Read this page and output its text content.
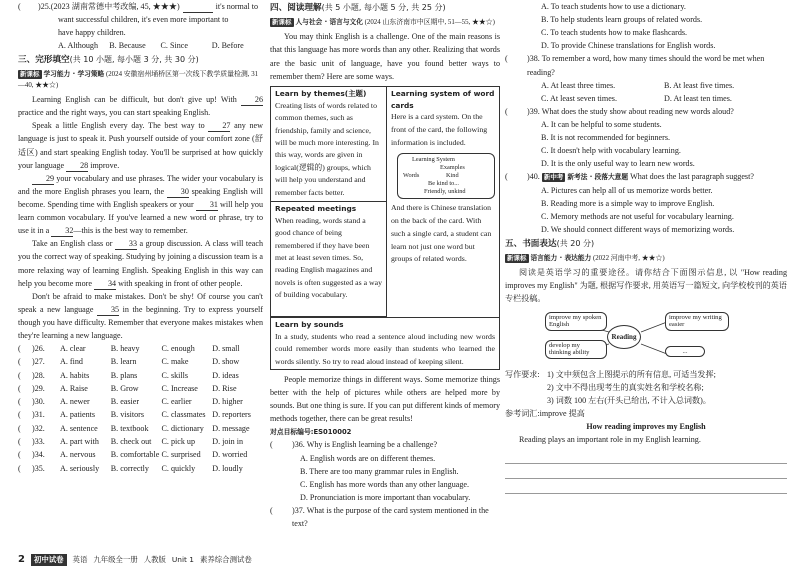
(	)25.(2023 湖南常德中考改编, 45, ★★★)
	it's normal to

want successful children, it's even more important to

have happy children.

A. Although	B. Because	C. Since	D. Before
三、完形填空(共 10 小题, 每小题 3 分, 共 30 分)
新课标 学习能力 · 学习策略 (2024 安徽宿州埇桥区第一次线下教学质量检测, 31—40, ★★☆)

Learning English can be difficult, but don't give up! With 26 practice and the right ways, you can start speaking English.

Speak a little English every day. The best way to 27 any new language is just to speak it. Push yourself outside of your comfort zone (舒适区) and start speaking English today. You'll be surprised at how quickly your language 28 improve.

29 your vocabulary and use phrases. The wider your vocabulary is and the more English phrases you learn, the 30 speaking English will become. Spending time with English speakers or your 31 will help you learn common vocabulary. If you've learned a new word or phrase, try to use it in a 32—this is the best way to remember.

Take an English class or 33 a group discussion. A class will teach you the correct way of speaking. Studying by joining a discussion team is a more relaxing way of learning English. Speaking English in this way can help you become more 34 with speaking in front of other people.

Don't be afraid to make mistakes. Don't be shy! Of course you can't speak a new language 35 in the beginning. Try to express yourself though you have difficulty. Remember that everyone makes mistakes when they're learning a new language.

(	)26.	A. clear	B. heavy	C. enough	D. small
(	)27.	A. find	B. learn	C. make	D. show
(	)28.	A. habits	B. plans	C. skills	D. ideas
(	)29.	A. Raise	B. Grow	C. Increase	D. Rise
(	)30.	A. newer	B. easier	C. earlier	D. higher
(	)31.	A. patients	B. visitors	C. classmates D. reporters
(	)32.	A. sentence	B. textbook	C. dictionary	D. message
(	)33.	A. part with	B. check out	C. pick up	D. join in
(	)34.	A. nervous	B. comfortable C. surprised	D. worried
(	)35.	A. seriously	B. correctly	C. quickly	D. loudly
四、阅读理解(共 5 小题, 每小题 5 分, 共 25 分)
新课标 人与社会 · 语言与文化 (2024 山东济南市中区期中, 51—55, ★★☆)

You may think English is a challenge. One of the main reasons is that this language has more words than any other. Realizing that words are the basic unit of language, have you found better ways to remember them? Here are some ways.

Learn by themes(主题)

Creating lists of words related to common themes, such as friendship, family and science, will be much more interesting. In this way, words are given in logical(逻辑的) groups, which will help you understand and remember facts better.

Repeated meetings

When reading, words stand a good chance of being remembered if they have been met at least seven times. So, reading English magazines and novels is often suggested as a way of building vocabulary.

Learning system of word cards

Here is a card system. On the front of the card, the following information is included.

Learning System
Examples
Words	Kind
Be kind to...
Friendly, unkind

And there is Chinese translation on the back of the card. With such a single card, a student can learn not just one word but groups of related words.

Learn by sounds

In a study, students who read a sentence aloud including new words could remember words more easily than students who learned the words silently. So try to read aloud instead of keeping silent.

People memorize things in different ways. Some memorize things better with the help of pictures while others are helped more by sounds. But one thing is sure. If you can put different kinds of memory methods together, there can be great results!

对点目标编号:ES010002
(	)36. Why is English learning be a challenge?

A. English words are on different themes.

B. There are too many grammar rules in English.

C. English has more words than any other language.

D. Pronunciation is more important than vocabulary.

(	)37. What is the purpose of the card system mentioned in the text?

A. To teach students how to use a dictionary.

B. To help students learn groups of related words.

C. To teach students how to make flashcards.

D. To provide Chinese translations for English words.

(	)38. To remember a word, how many times should the word be met when reading?
A. At least three times.	B. At least five times.
C. At least seven times.	D. At least ten times.
(	)39. What does the study show about reading new words aloud?

A. It can be helpful to some students.

B. It is not recommended for beginners.

C. It doesn't help with vocabulary learning.

D. It is the only useful way to learn new words.

(	)40. 新中考 新考法 · 段落大意题 What does the last paragraph suggest?

A. Pictures can help all of us memorize words better.

B. Reading more is a simple way to improve English.

C. Memory methods are not useful for vocabulary learning.

D. We should connect different ways of memorizing words.

五、书面表达(共 20 分)
新课标 语言能力 · 表达能力 (2022 河南中考, ★★☆)

阅读是英语学习的重要途径。请你结合下面图示信息, 以 "How reading improves my English" 为题, 根据写作要求, 用英语写一篇短文, 向学校校刊的英语专栏投稿。

improve my spoken English
develop my thinking ability
Reading
improve my writing easier
...
写作要求: 1) 文中须包含上图提示的所有信息, 可适当发挥;

2) 文中不得出现考生的真实姓名和学校名称;

3) 词数 100 左右(开头已给出, 不计入总词数)。

参考词汇: improve 提高

How reading improves my English

Reading plays an important role in my English learning.

2	初中试卷	英语 九年级全一册 人教版 Unit 1 素养综合测试卷
